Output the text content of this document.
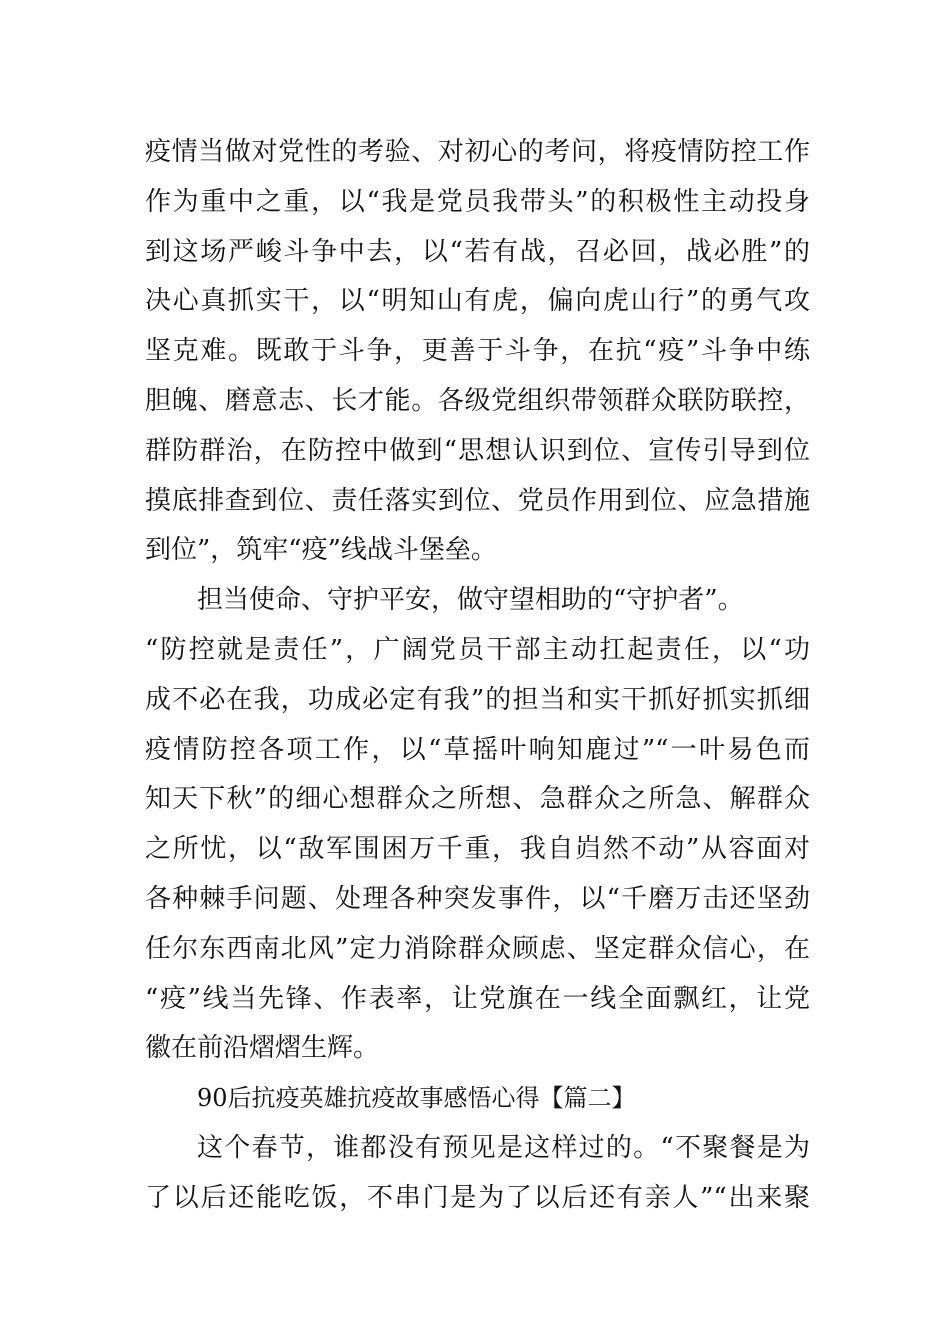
疫情当做对党性的考验、对初心的考问，将疫情防控工作
作为重中之重，以“我是党员我带头”的积极性主动投身
到这场严峻斗争中去，以“若有战，召必回，战必胜”的
决心真抓实干，以“明知山有虎，偏向虎山行”的勇气攻
坚克难。既敢于斗争，更善于斗争，在抗“疫”斗争中练
胆魄、磨意志、长才能。各级党组织带领群众联防联控，
群防群治，在防控中做到“思想认识到位、宣传引导到位
摸底排查到位、责任落实到位、党员作用到位、应急措施
到位”，筑牢“疫”线战斗堡垒。
担当使命、守护平安，做守望相助的“守护者”。
“防控就是责任”，广阔党员干部主动扛起责任，以“功
成不必在我，功成必定有我”的担当和实干抓好抓实抓细
疫情防控各项工作，以“草摇叶响知鹿过”“一叶易色而
知天下秋”的细心想群众之所想、急群众之所急、解群众
之所忧，以“敌军围困万千重，我自岿然不动”从容面对
各种棘手问题、处理各种突发事件，以“千磨万击还坚劲
任尔东西南北风”定力消除群众顾虑、坚定群众信心，在
“疫”线当先锋、作表率，让党旗在一线全面飘红，让党
徽在前沿熠熠生辉。
90后抗疫英雄抗疫故事感悟心得【篇二】
这个春节，谁都没有预见是这样过的。“不聚餐是为
了以后还能吃饭，不串门是为了以后还有亲人”“出来聚
